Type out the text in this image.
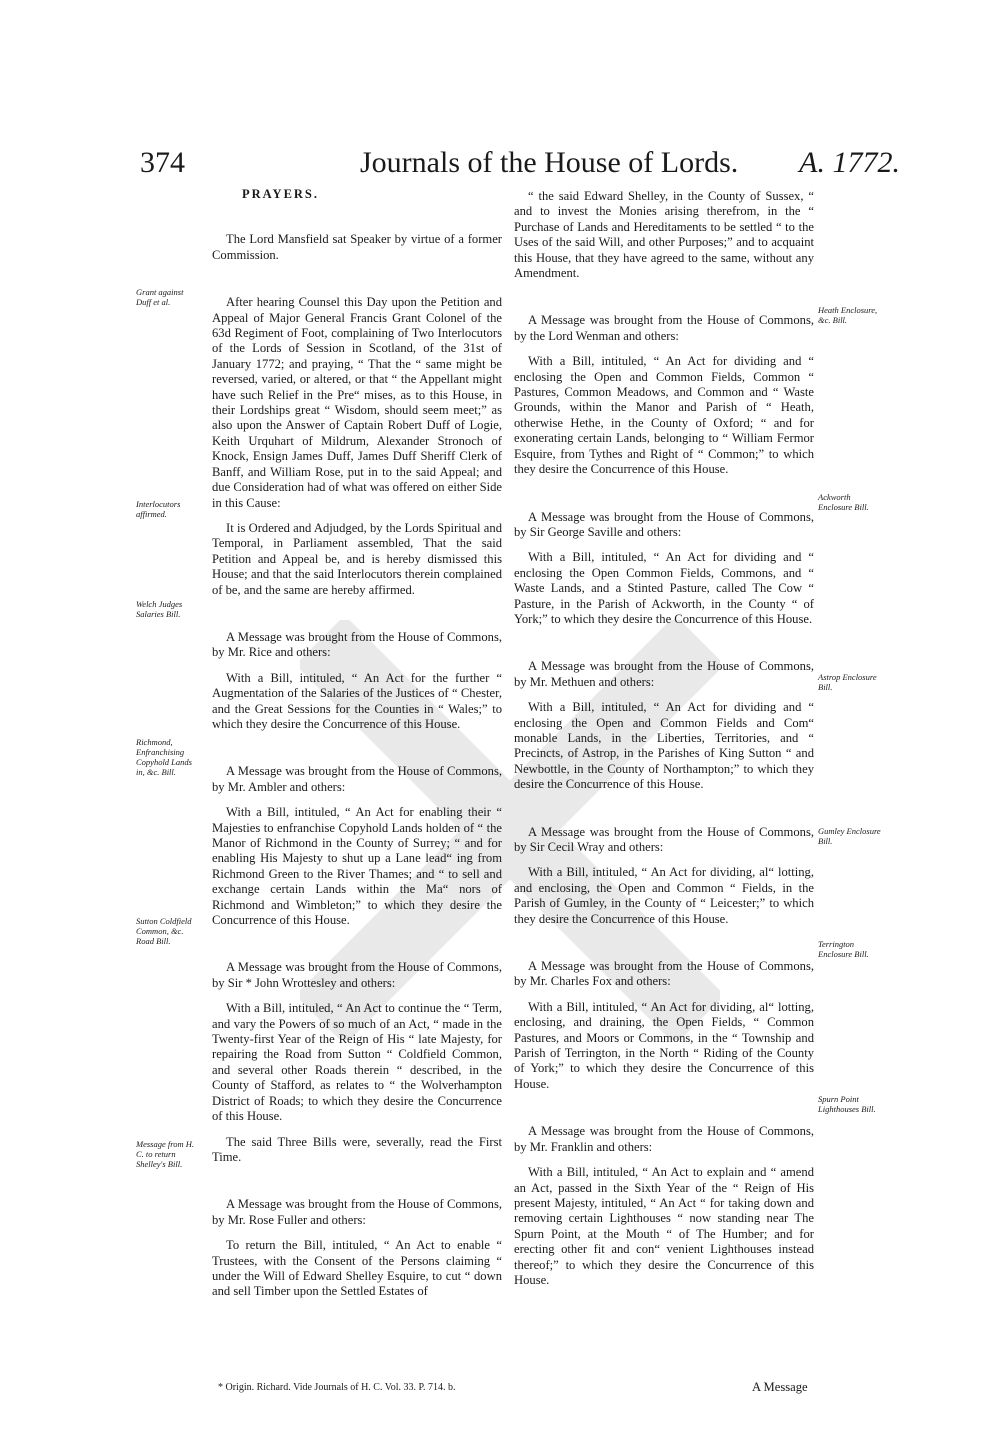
374	Journals of the House of Lords. A. 1772.
PRAYERS.

The Lord Mansfield sat Speaker by virtue of a former Commission.

After hearing Counsel this Day upon the Petition and Appeal of Major General Francis Grant Colonel of the 63d Regiment of Foot, complaining of Two Interlocutors of the Lords of Session in Scotland, of the 31st of January 1772; and praying, “ That the “ same might be reversed, varied, or altered, or that “ the Appellant might have such Relief in the Pre“ mises, as to this House, in their Lordships great “ Wisdom, should seem meet;” as also upon the Answer of Captain Robert Duff of Logie, Keith Urquhart of Mildrum, Alexander Stronoch of Knock, Ensign James Duff, James Duff Sheriff Clerk of Banff, and William Rose, put in to the said Appeal; and due Consideration had of what was offered on either Side in this Cause:

It is Ordered and Adjudged, by the Lords Spiritual and Temporal, in Parliament assembled, That the said Petition and Appeal be, and is hereby dismissed this House; and that the said Interlocutors therein complained of be, and the same are hereby affirmed.

A Message was brought from the House of Commons, by Mr. Rice and others:

With a Bill, intituled, “ An Act for the further “ Augmentation of the Salaries of the Justices of “ Chester, and the Great Sessions for the Counties in “ Wales;” to which they desire the Concurrence of this House.

A Message was brought from the House of Commons, by Mr. Ambler and others:

With a Bill, intituled, “ An Act for enabling their “ Majesties to enfranchise Copyhold Lands holden of “ the Manor of Richmond in the County of Surrey; “ and for enabling His Majesty to shut up a Lane lead“ ing from Richmond Green to the River Thames; and “ to sell and exchange certain Lands within the Ma“ nors of Richmond and Wimbleton;” to which they desire the Concurrence of this House.

A Message was brought from the House of Commons, by Sir * John Wrottesley and others:

With a Bill, intituled, “ An Act to continue the “ Term, and vary the Powers of so much of an Act, “ made in the Twenty-first Year of the Reign of His “ late Majesty, for repairing the Road from Sutton “ Coldfield Common, and several other Roads therein “ described, in the County of Stafford, as relates to “ the Wolverhampton District of Roads; to which they desire the Concurrence of this House.

The said Three Bills were, severally, read the First Time.

A Message was brought from the House of Commons, by Mr. Rose Fuller and others:

To return the Bill, intituled, “ An Act to enable “ Trustees, with the Consent of the Persons claiming “ under the Will of Edward Shelley Esquire, to cut “ down and sell Timber upon the Settled Estates of

“ the said Edward Shelley, in the County of Sussex, “ and to invest the Monies arising therefrom, in the “ Purchase of Lands and Hereditaments to be settled “ to the Uses of the said Will, and other Purposes;” and to acquaint this House, that they have agreed to the same, without any Amendment.

A Message was brought from the House of Commons, by the Lord Wenman and others:

With a Bill, intituled, “ An Act for dividing and “ enclosing the Open and Common Fields, Common “ Pastures, Common Meadows, and Common and “ Waste Grounds, within the Manor and Parish of “ Heath, otherwise Hethe, in the County of Oxford; “ and for exonerating certain Lands, belonging to “ William Fermor Esquire, from Tythes and Right of “ Common;” to which they desire the Concurrence of this House.

A Message was brought from the House of Commons, by Sir George Saville and others:

With a Bill, intituled, “ An Act for dividing and “ enclosing the Open Common Fields, Commons, and “ Waste Lands, and a Stinted Pasture, called The Cow “ Pasture, in the Parish of Ackworth, in the County “ of York;” to which they desire the Concurrence of this House.

A Message was brought from the House of Commons, by Mr. Methuen and others:

With a Bill, intituled, “ An Act for dividing and “ enclosing the Open and Common Fields and Com“ monable Lands, in the Liberties, Territories, and “ Precincts, of Astrop, in the Parishes of King Sutton “ and Newbottle, in the County of Northampton;” to which they desire the Concurrence of this House.

A Message was brought from the House of Commons, by Sir Cecil Wray and others:

With a Bill, intituled, “ An Act for dividing, al“ lotting, and enclosing, the Open and Common “ Fields, in the Parish of Gumley, in the County of “ Leicester;” to which they desire the Concurrence of this House.

A Message was brought from the House of Commons, by Mr. Charles Fox and others:

With a Bill, intituled, “ An Act for dividing, al“ lotting, enclosing, and draining, the Open Fields, “ Common Pastures, and Moors or Commons, in the “ Township and Parish of Terrington, in the North “ Riding of the County of York;” to which they desire the Concurrence of this House.

A Message was brought from the House of Commons, by Mr. Franklin and others:

With a Bill, intituled, “ An Act to explain and “ amend an Act, passed in the Sixth Year of the “ Reign of His present Majesty, intituled, “ An Act “ for taking down and removing certain Lighthouses “ now standing near The Spurn Point, at the Mouth “ of The Humber; and for erecting other fit and con“ venient Lighthouses instead thereof;” to which they desire the Concurrence of this House.

Grant against Duff et al.
Interlocutors affirmed.
Welch Judges Salaries Bill.
Richmond, Enfranchising Copyhold Lands in, &c. Bill.
Sutton Coldfield Common, &c. Road Bill.
Message from H. C. to return Shelley's Bill.
Heath Enclosure, &c. Bill.
Ackworth Enclosure Bill.
Astrop Enclosure Bill.
Gumley Enclosure Bill.
Terrington Enclosure Bill.
Spurn Point Lighthouses Bill.
* Origin. Richard. Vide Journals of H. C. Vol. 33. P. 714. b.	A Message
